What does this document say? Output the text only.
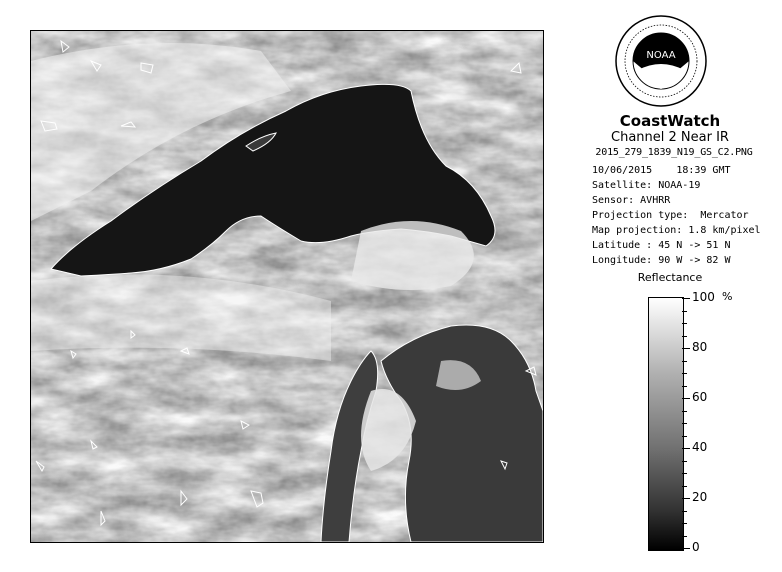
NOAA
CoastWatch
Channel 2 Near IR
2015_279_1839_N19_GS_C2.PNG
10/06/2015 18:39 GMT
Satellite: NOAA-19
Sensor: AVHRR
Projection type:  Mercator
Map projection: 1.8 km/pixel
Latitude : 45 N -> 51 N
Longitude: 90 W -> 82 W
Reflectance
%
100
80
60
40
20
0
